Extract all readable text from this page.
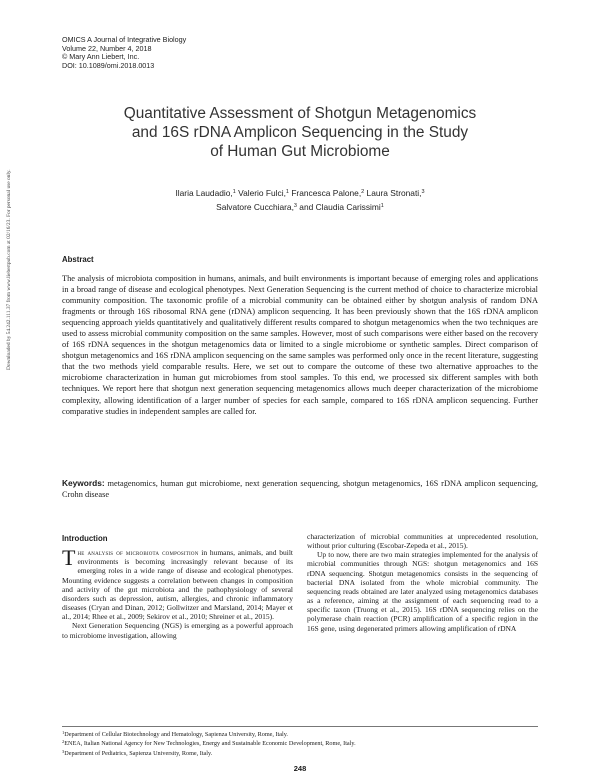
OMICS A Journal of Integrative Biology
Volume 22, Number 4, 2018
© Mary Ann Liebert, Inc.
DOI: 10.1089/omi.2018.0013
Downloaded by 54.242.111.37 from www.liebertpub.com at 02/16/23. For personal use only.
Quantitative Assessment of Shotgun Metagenomics
and 16S rDNA Amplicon Sequencing in the Study
of Human Gut Microbiome
Ilaria Laudadio,$^1$ Valerio Fulci,$^1$ Francesca Palone,$^2$ Laura Stronati,$^3$
Salvatore Cucchiara,$^3$ and Claudia Carissimi$^1$
Abstract
The analysis of microbiota composition in humans, animals, and built environments is important because of emerging roles and applications in a broad range of disease and ecological phenotypes. Next Generation Sequencing is the current method of choice to characterize microbial community composition. The taxonomic profile of a microbial community can be obtained either by shotgun analysis of random DNA fragments or through 16S ribosomal RNA gene (rDNA) amplicon sequencing. It has been previously shown that the 16S rDNA amplicon sequencing approach yields quantitatively and qualitatively different results compared to shotgun metagenomics when the two techniques are used to assess microbial community composition on the same samples. However, most of such comparisons were either based on the recovery of 16S rDNA sequences in the shotgun metagenomics data or limited to a single microbiome or synthetic samples. Direct comparison of shotgun metagenomics and 16S rDNA amplicon sequencing on the same samples was performed only once in the recent literature, suggesting that the two methods yield comparable results. Here, we set out to compare the outcome of these two alternative approaches to the microbiome characterization in human gut microbiomes from stool samples. To this end, we processed six different samples with both techniques. We report here that shotgun next generation sequencing metagenomics allows much deeper characterization of the microbiome complexity, allowing identification of a larger number of species for each sample, compared to 16S rDNA amplicon sequencing. Further comparative studies in independent samples are called for.
Keywords: metagenomics, human gut microbiome, next generation sequencing, shotgun metagenomics, 16S rDNA amplicon sequencing, Crohn disease
Introduction

The analysis of microbiota composition in humans, animals, and built environments is becoming increasingly relevant because of its emerging roles in a wide range of disease and ecological phenotypes. Mounting evidence suggests a correlation between changes in composition and activity of the gut microbiota and the pathophysiology of several disorders such as depression, autism, allergies, and chronic inflammatory diseases (Cryan and Dinan, 2012; Gollwitzer and Marsland, 2014; Mayer et al., 2014; Rhee et al., 2009; Sekirov et al., 2010; Shreiner et al., 2015).

Next Generation Sequencing (NGS) is emerging as a powerful approach to microbiome investigation, allowing

characterization of microbial communities at unprecedented resolution, without prior culturing (Escobar-Zepeda et al., 2015).

Up to now, there are two main strategies implemented for the analysis of microbial communities through NGS: shotgun metagenomics and 16S rDNA sequencing. Shotgun metagenomics consists in the sequencing of bacterial DNA isolated from the whole microbial community. The sequencing reads obtained are later analyzed using metagenomics databases as a reference, aiming at the assignment of each sequencing read to a specific taxon (Truong et al., 2015). 16S rDNA sequencing relies on the polymerase chain reaction (PCR) amplification of a specific region in the 16S gene, using degenerated primers allowing amplification of rDNA

$^1$Department of Cellular Biotechnology and Hematology, Sapienza University, Rome, Italy.
$^2$ENEA, Italian National Agency for New Technologies, Energy and Sustainable Economic Development, Rome, Italy.
$^3$Department of Pediatrics, Sapienza University, Rome, Italy.
248
